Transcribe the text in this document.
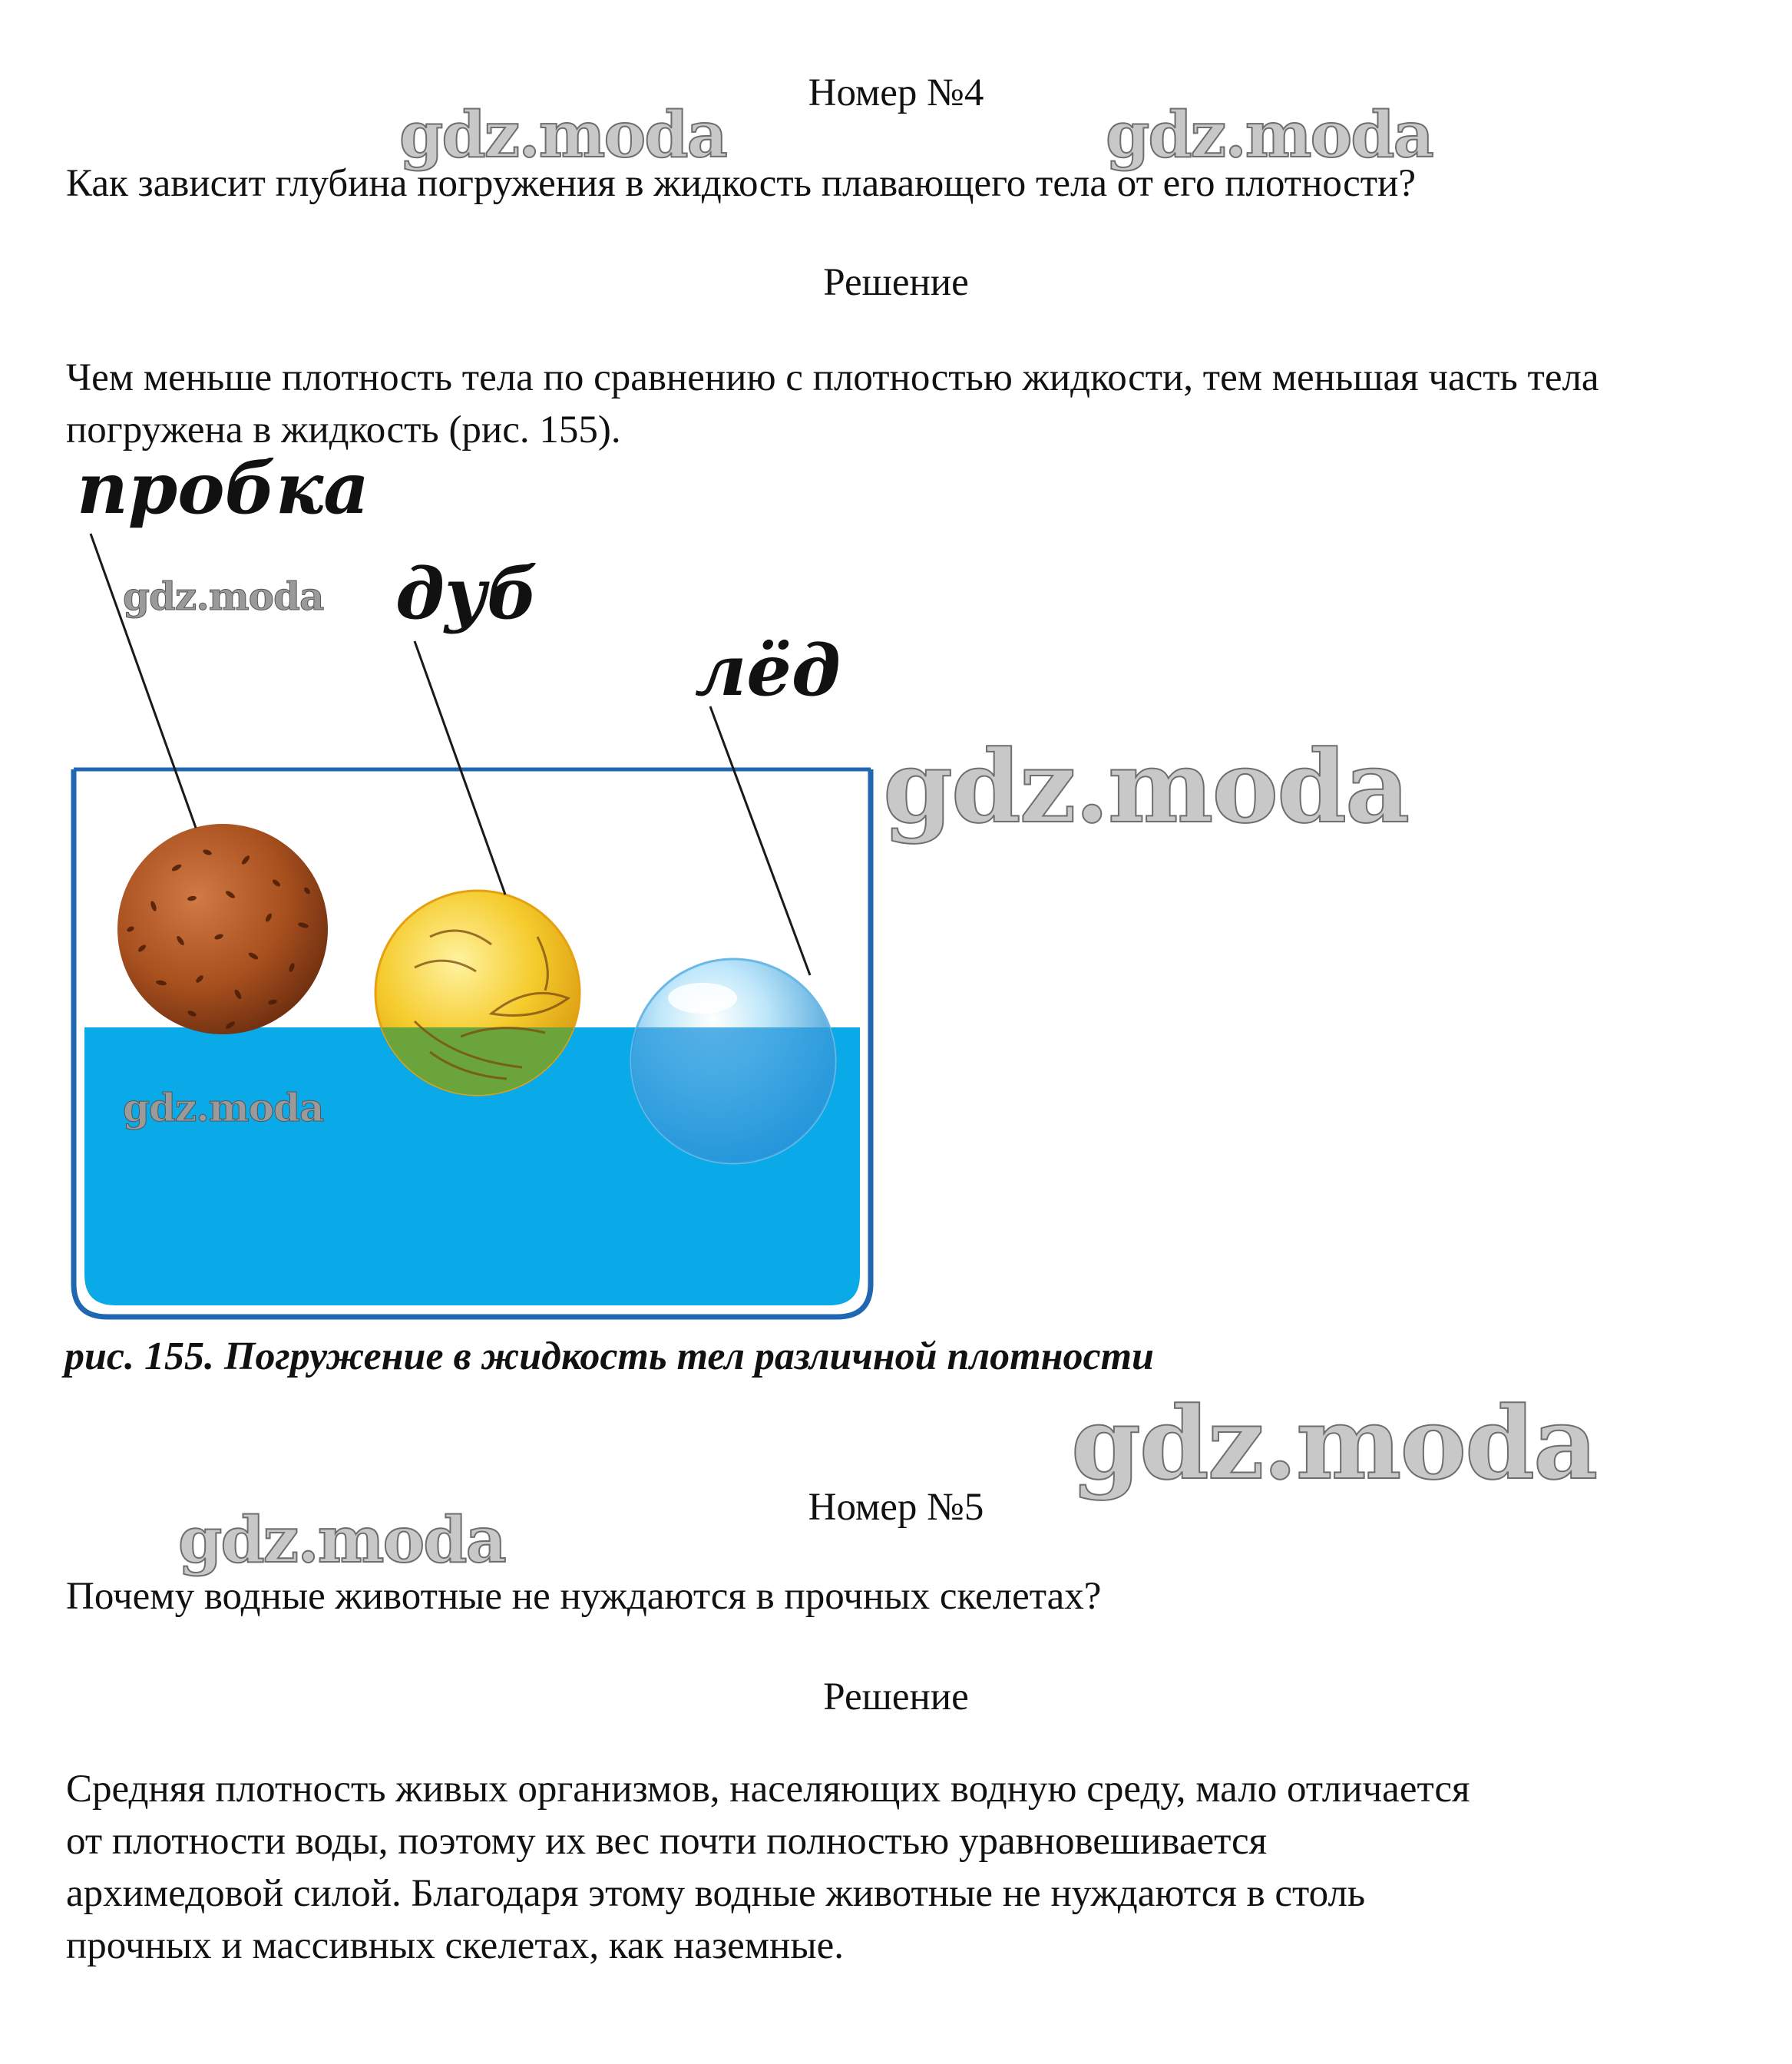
Номер №4
Как зависит глубина погружения в жидкость плавающего тела от его плотности?
Решение
Чем меньше плотность тела по сравнению с плотностью жидкости, тем меньшая часть тела погружена в жидкость (рис. 155).
пробка
дуб
лёд
рис. 155. Погружение в жидкость тел различной плотности
Номер №5
Почему водные животные не нуждаются в прочных скелетах?
Решение
Средняя плотность живых организмов, населяющих водную среду, мало отличается
от плотности воды, поэтому их вес почти полностью уравновешивается
архимедовой силой. Благодаря этому водные животные не нуждаются в столь
прочных и массивных скелетах, как наземные.
gdz.moda	gdz.moda
gdz.moda
gdz.moda
gdz.moda
gdz.moda
gdz.moda
